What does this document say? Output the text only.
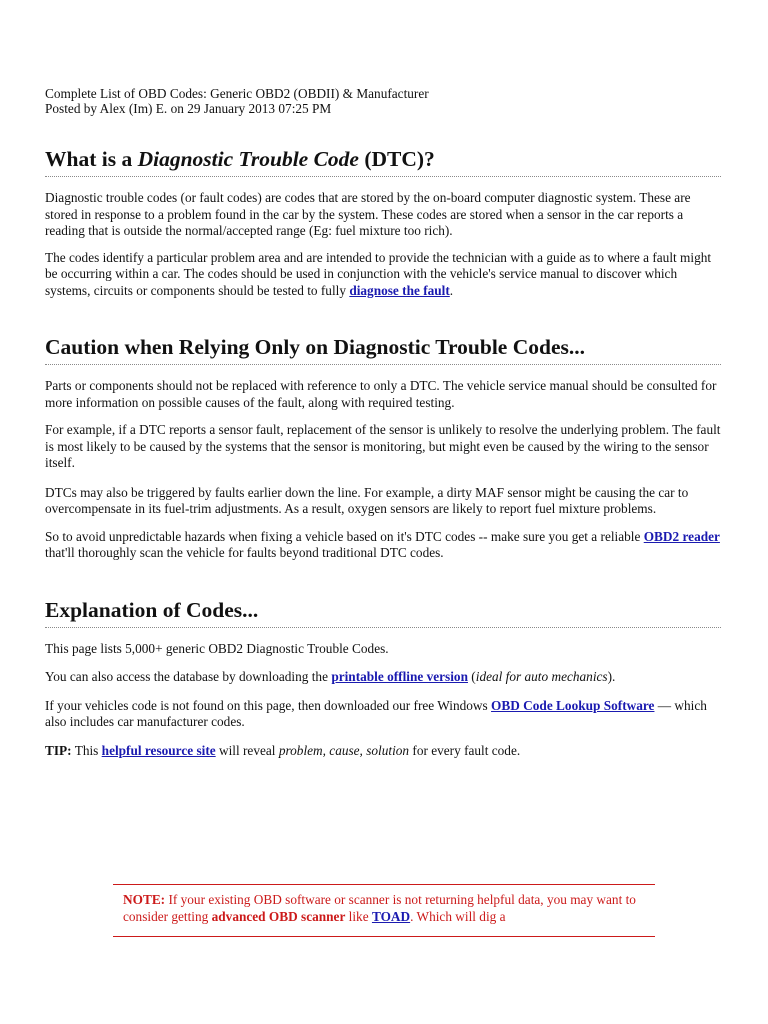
Complete List of OBD Codes: Generic OBD2 (OBDII) & Manufacturer
Posted by Alex (Im) E. on 29 January 2013 07:25 PM
What is a Diagnostic Trouble Code (DTC)?

Diagnostic trouble codes (or fault codes) are codes that are stored by the on-board computer diagnostic system. These are stored in response to a problem found in the car by the system. These codes are stored when a sensor in the car reports a reading that is outside the normal/accepted range (Eg: fuel mixture too rich).

The codes identify a particular problem area and are intended to provide the technician with a guide as to where a fault might be occurring within a car. The codes should be used in conjunction with the vehicle's service manual to discover which systems, circuits or components should be tested to fully diagnose the fault.

Caution when Relying Only on Diagnostic Trouble Codes...

Parts or components should not be replaced with reference to only a DTC. The vehicle service manual should be consulted for more information on possible causes of the fault, along with required testing.

For example, if a DTC reports a sensor fault, replacement of the sensor is unlikely to resolve the underlying problem. The fault is most likely to be caused by the systems that the sensor is monitoring, but might even be caused by the wiring to the sensor itself.

DTCs may also be triggered by faults earlier down the line. For example, a dirty MAF sensor might be causing the car to overcompensate in its fuel-trim adjustments. As a result, oxygen sensors are likely to report fuel mixture problems.

So to avoid unpredictable hazards when fixing a vehicle based on it's DTC codes -- make sure you get a reliable OBD2 reader that'll thoroughly scan the vehicle for faults beyond traditional DTC codes.

Explanation of Codes...

This page lists 5,000+ generic OBD2 Diagnostic Trouble Codes.

You can also access the database by downloading the printable offline version (ideal for auto mechanics).

If your vehicles code is not found on this page, then downloaded our free Windows OBD Code Lookup Software — which also includes car manufacturer codes.

TIP: This helpful resource site will reveal problem, cause, solution for every fault code.

NOTE: If your existing OBD software or scanner is not returning helpful data, you may want to consider getting advanced OBD scanner like TOAD. Which will dig a
